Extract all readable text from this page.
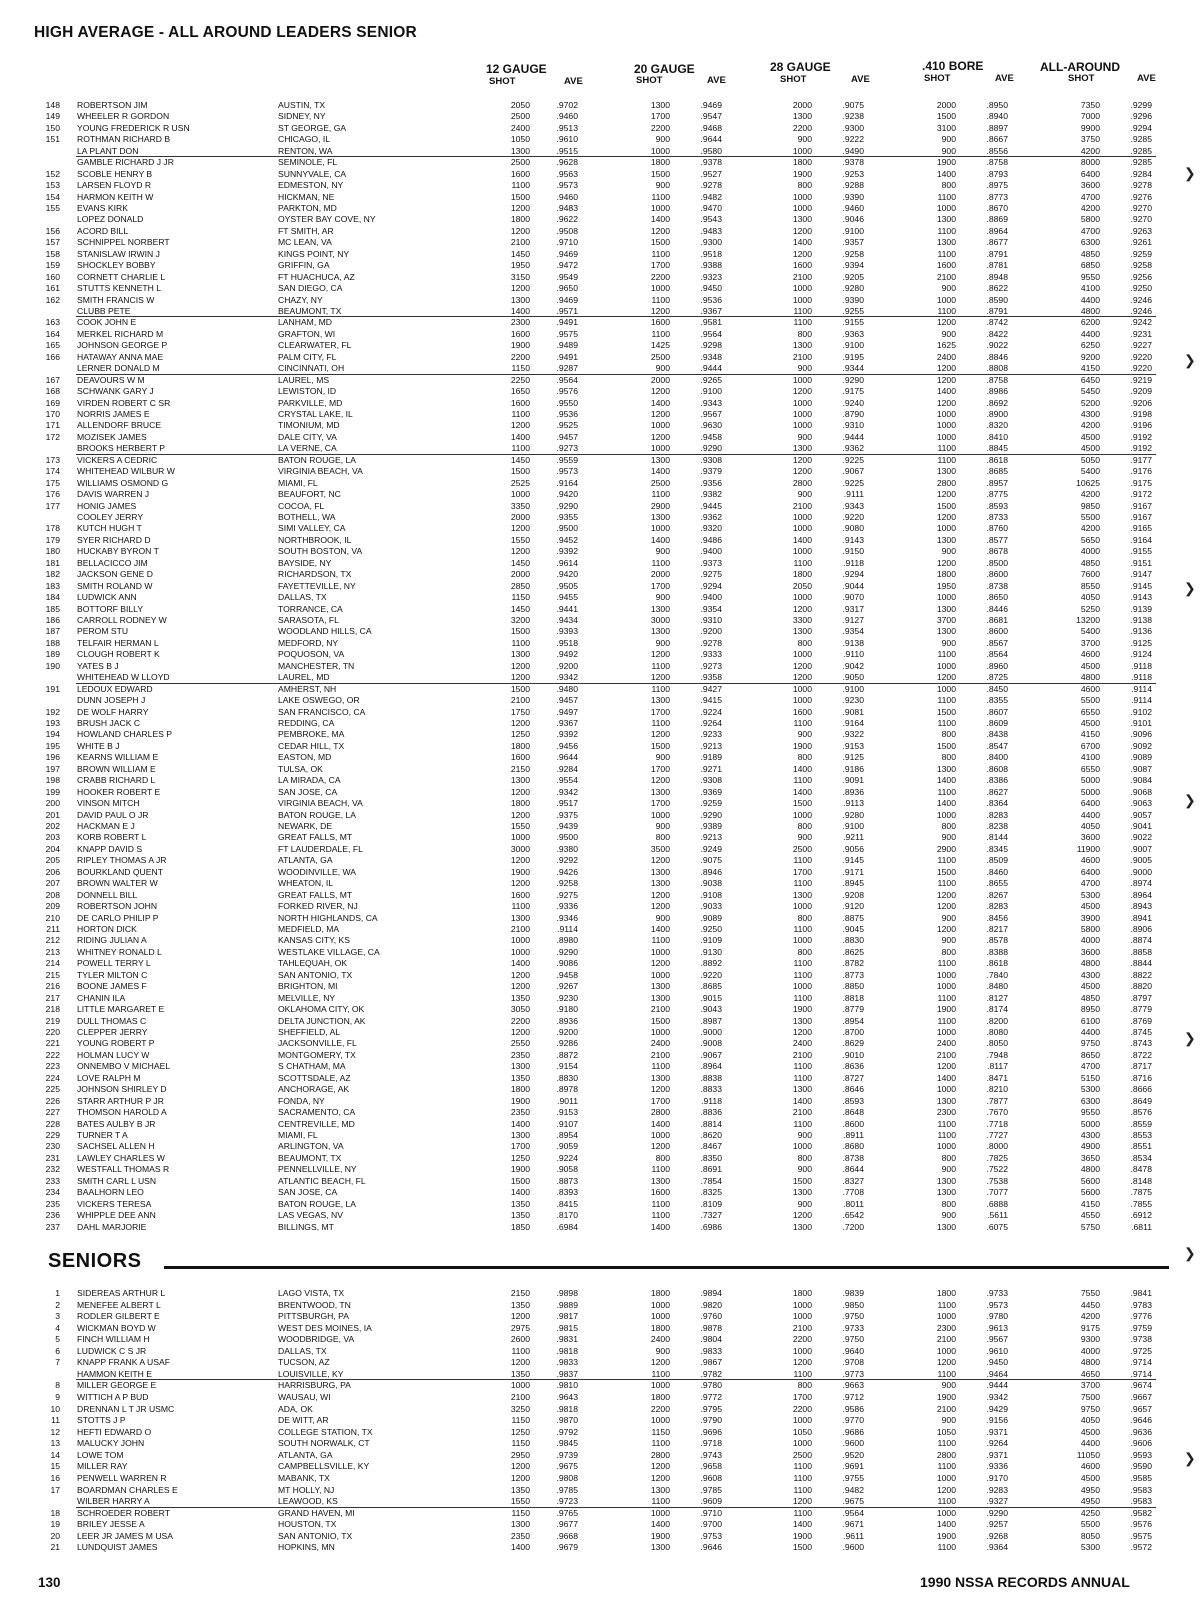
HIGH AVERAGE - ALL AROUND LEADERS SENIOR
12 GAUGE	20 GAUGE	28 GAUGE	.410 BORE	ALL-AROUND
SHOT	AVE	SHOT	AVE	SHOT	AVE	SHOT	AVE	SHOT	AVE
148 ROBERTSON JIM	AUSTIN, TX	2050	.9702	1300	.9469	2000	.9075	2000	.8950	7350	.9299
149 WHEELER R GORDON	SIDNEY, NY	2500	.9460	1700	.9547	1300	.9238	1500	.8940	7000	.9296
150 YOUNG FREDERICK R USN	ST GEORGE, GA	2400	.9513	2200	.9468	2200	.9300	3100	.8897	9900	.9294
151 ROTHMAN RICHARD B	CHICAGO, IL	1050	.9610	900	.9644	900	.9222	900	.8667	3750	.9285
LA PLANT DON	RENTON, WA	1300	.9515	1000	.9580	1000	.9490	900	.8556	4200	.9285
GAMBLE RICHARD J JR	SEMINOLE, FL	2500	.9628	1800	.9378	1800	.9378	1900	.8758	8000	.9285
152 SCOBLE HENRY B	SUNNYVALE, CA	1600	.9563	1500	.9527	1900	.9253	1400	.8793	6400	.9284
153 LARSEN FLOYD R	EDMESTON, NY	1100	.9573	900	.9278	800	.9288	800	.8975	3600	.9278
154 HARMON KEITH W	HICKMAN, NE	1500	.9460	1100	.9482	1000	.9390	1100	.8773	4700	.9276
155 EVANS KIRK	PARKTON, MD	1200	.9483	1000	.9470	1000	.9460	1000	.8670	4200	.9270
LOPEZ DONALD	OYSTER BAY COVE, NY	1800	.9622	1400	.9543	1300	.9046	1300	.8869	5800	.9270
156 ACORD BILL	FT SMITH, AR	1200	.9508	1200	.9483	1200	.9100	1100	.8964	4700	.9263
157 SCHNIPPEL NORBERT	MC LEAN, VA	2100	.9710	1500	.9300	1400	.9357	1300	.8677	6300	.9261
158 STANISLAW IRWIN J	KINGS POINT, NY	1450	.9469	1100	.9518	1200	.9258	1100	.8791	4850	.9259
159 SHOCKLEY BOBBY	GRIFFIN, GA	1950	.9472	1700	.9388	1600	.9394	1600	.8781	6850	.9258
160 CORNETT CHARLIE L	FT HUACHUCA, AZ	3150	.9549	2200	.9323	2100	.9205	2100	.8948	9550	.9256
161 STUTTS KENNETH L	SAN DIEGO, CA	1200	.9650	1000	.9450	1000	.9280	900	.8622	4100	.9250
162 SMITH FRANCIS W	CHAZY, NY	1300	.9469	1100	.9536	1000	.9390	1000	.8590	4400	.9246
CLUBB PETE	BEAUMONT, TX	1400	.9571	1200	.9367	1100	.9255	1100	.8791	4800	.9246
163 COOK JOHN E	LANHAM, MD	2300	.9491	1600	.9581	1100	.9155	1200	.8742	6200	.9242
164 MERKEL RICHARD M	GRAFTON, WI	1600	.9575	1100	.9564	800	.9363	900	.8422	4400	.9231
165 JOHNSON GEORGE P	CLEARWATER, FL	1900	.9489	1425	.9298	1300	.9100	1625	.9022	6250	.9227
166 HATAWAY ANNA MAE	PALM CITY, FL	2200	.9491	2500	.9348	2100	.9195	2400	.8846	9200	.9220
LERNER DONALD M	CINCINNATI, OH	1150	.9287	900	.9444	900	.9344	1200	.8808	4150	.9220
167 DEAVOURS W M	LAUREL, MS	2250	.9564	2000	.9265	1000	.9290	1200	.8758	6450	.9219
168 SCHWANK GARY J	LEWISTON, ID	1650	.9576	1200	.9100	1200	.9175	1400	.8986	5450	.9209
169 VIRDEN ROBERT C SR	PARKVILLE, MD	1600	.9550	1400	.9343	1000	.9240	1200	.8692	5200	.9206
170 NORRIS JAMES E	CRYSTAL LAKE, IL	1100	.9536	1200	.9567	1000	.8790	1000	.8900	4300	.9198
171 ALLENDORF BRUCE	TIMONIUM, MD	1200	.9525	1000	.9630	1000	.9310	1000	.8320	4200	.9196
172 MOZISEK JAMES	DALE CITY, VA	1400	.9457	1200	.9458	900	.9444	1000	.8410	4500	.9192
BROOKS HERBERT P	LA VERNE, CA	1100	.9273	1000	.9290	1300	.9362	1100	.8845	4500	.9192
173 VICKERS A CEDRIC	BATON ROUGE, LA	1450	.9559	1300	.9308	1200	.9225	1100	.8618	5050	.9177
174 WHITEHEAD WILBUR W	VIRGINIA BEACH, VA	1500	.9573	1400	.9379	1200	.9067	1300	.8685	5400	.9176
175 WILLIAMS OSMOND G	MIAMI, FL	2525	.9164	2500	.9356	2800	.9225	2800	.8957	10625	.9175
176 DAVIS WARREN J	BEAUFORT, NC	1000	.9420	1100	.9382	900	.9111	1200	.8775	4200	.9172
177 HONIG JAMES	COCOA, FL	3350	.9290	2900	.9445	2100	.9343	1500	.8593	9850	.9167
COOLEY JERRY	BOTHELL, WA	2000	.9355	1300	.9362	1000	.9220	1200	.8733	5500	.9167
178 KUTCH HUGH T	SIMI VALLEY, CA	1200	.9500	1000	.9320	1000	.9080	1000	.8760	4200	.9165
179 SYER RICHARD D	NORTHBROOK, IL	1550	.9452	1400	.9486	1400	.9143	1300	.8577	5650	.9164
180 HUCKABY BYRON T	SOUTH BOSTON, VA	1200	.9392	900	.9400	1000	.9150	900	.8678	4000	.9155
181 BELLACICCO JIM	BAYSIDE, NY	1450	.9614	1100	.9373	1100	.9118	1200	.8500	4850	.9151
182 JACKSON GENE D	RICHARDSON, TX	2000	.9420	2000	.9275	1800	.9294	1800	.8600	7600	.9147
183 SMITH ROLAND W	FAYETTEVILLE, NY	2850	.9505	1700	.9294	2050	.9044	1950	.8738	8550	.9145
184 LUDWICK ANN	DALLAS, TX	1150	.9455	900	.9400	1000	.9070	1000	.8650	4050	.9143
185 BOTTORF BILLY	TORRANCE, CA	1450	.9441	1300	.9354	1200	.9317	1300	.8446	5250	.9139
186 CARROLL RODNEY W	SARASOTA, FL	3200	.9434	3000	.9310	3300	.9127	3700	.8681	13200	.9138
187 PEROM STU	WOODLAND HILLS, CA	1500	.9393	1300	.9200	1300	.9354	1300	.8600	5400	.9136
188 TELFAIR HERMAN L	MEDFORD, NY	1100	.9518	900	.9278	800	.9138	900	.8567	3700	.9125
189 CLOUGH ROBERT K	POQUOSON, VA	1300	.9492	1200	.9333	1000	.9110	1100	.8564	4600	.9124
190 YATES B J	MANCHESTER, TN	1200	.9200	1100	.9273	1200	.9042	1000	.8960	4500	.9118
WHITEHEAD W LLOYD	LAUREL, MD	1200	.9342	1200	.9358	1200	.9050	1200	.8725	4800	.9118
191 LEDOUX EDWARD	AMHERST, NH	1500	.9480	1100	.9427	1000	.9100	1000	.8450	4600	.9114
DUNN JOSEPH J	LAKE OSWEGO, OR	2100	.9457	1300	.9415	1000	.9230	1100	.8355	5500	.9114
192 DE WOLF HARRY	SAN FRANCISCO, CA	1750	.9497	1700	.9224	1600	.9081	1500	.8607	6550	.9102
193 BRUSH JACK C	REDDING, CA	1200	.9367	1100	.9264	1100	.9164	1100	.8609	4500	.9101
194 HOWLAND CHARLES P	PEMBROKE, MA	1250	.9392	1200	.9233	900	.9322	800	.8438	4150	.9096
195 WHITE B J	CEDAR HILL, TX	1800	.9456	1500	.9213	1900	.9153	1500	.8547	6700	.9092
196 KEARNS WILLIAM E	EASTON, MD	1600	.9644	900	.9189	800	.9125	800	.8400	4100	.9089
197 BROWN WILLIAM E	TULSA, OK	2150	.9284	1700	.9271	1400	.9186	1300	.8608	6550	.9087
198 CRABB RICHARD L	LA MIRADA, CA	1300	.9554	1200	.9308	1100	.9091	1400	.8386	5000	.9084
199 HOOKER ROBERT E	SAN JOSE, CA	1200	.9342	1300	.9369	1400	.8936	1100	.8627	5000	.9068
200 VINSON MITCH	VIRGINIA BEACH, VA	1800	.9517	1700	.9259	1500	.9113	1400	.8364	6400	.9063
201 DAVID PAUL O JR	BATON ROUGE, LA	1200	.9375	1000	.9290	1000	.9280	1000	.8283	4400	.9057
202 HACKMAN E J	NEWARK, DE	1550	.9439	900	.9389	800	.9100	800	.8238	4050	.9041
203 KORB ROBERT L	GREAT FALLS, MT	1000	.9500	800	.9213	900	.9211	900	.8144	3600	.9022
204 KNAPP DAVID S	FT LAUDERDALE, FL	3000	.9380	3500	.9249	2500	.9056	2900	.8345	11900	.9007
205 RIPLEY THOMAS A JR	ATLANTA, GA	1200	.9292	1200	.9075	1100	.9145	1100	.8509	4600	.9005
206 BOURKLAND QUENT	WOODINVILLE, WA	1900	.9426	1300	.8946	1700	.9171	1500	.8460	6400	.9000
207 BROWN WALTER W	WHEATON, IL	1200	.9258	1300	.9038	1100	.8945	1100	.8655	4700	.8974
208 DONNELL BILL	GREAT FALLS, MT	1600	.9275	1200	.9108	1300	.9208	1200	.8267	5300	.8964
209 ROBERTSON JOHN	FORKED RIVER, NJ	1100	.9336	1200	.9033	1000	.9120	1200	.8283	4500	.8943
210 DE CARLO PHILIP P	NORTH HIGHLANDS, CA	1300	.9346	900	.9089	800	.8875	900	.8456	3900	.8941
211 HORTON DICK	MEDFIELD, MA	2100	.9114	1400	.9250	1100	.9045	1200	.8217	5800	.8906
212 RIDING JULIAN A	KANSAS CITY, KS	1000	.8980	1100	.9109	1000	.8830	900	.8578	4000	.8874
213 WHITNEY RONALD L	WESTLAKE VILLAGE, CA	1000	.9290	1000	.9130	800	.8625	800	.8388	3600	.8858
214 POWELL TERRY L	TAHLEQUAH, OK	1400	.9086	1200	.8892	1100	.8782	1100	.8618	4800	.8844
215 TYLER MILTON C	SAN ANTONIO, TX	1200	.9458	1000	.9220	1100	.8773	1000	.7840	4300	.8822
216 BOONE JAMES F	BRIGHTON, MI	1200	.9267	1300	.8685	1000	.8850	1000	.8480	4500	.8820
217 CHANIN ILA	MELVILLE, NY	1350	.9230	1300	.9015	1100	.8818	1100	.8127	4850	.8797
218 LITTLE MARGARET E	OKLAHOMA CITY, OK	3050	.9180	2100	.9043	1900	.8779	1900	.8174	8950	.8779
219 DULL THOMAS C	DELTA JUNCTION, AK	2200	.8936	1500	.8987	1300	.8954	1100	.8200	6100	.8769
220 CLEPPER JERRY	SHEFFIELD, AL	1200	.9200	1000	.9000	1200	.8700	1000	.8080	4400	.8745
221 YOUNG ROBERT P	JACKSONVILLE, FL	2550	.9286	2400	.9008	2400	.8629	2400	.8050	9750	.8743
222 HOLMAN LUCY W	MONTGOMERY, TX	2350	.8872	2100	.9067	2100	.9010	2100	.7948	8650	.8722
223 ONNEMBO V MICHAEL	S CHATHAM, MA	1300	.9154	1100	.8964	1100	.8636	1200	.8117	4700	.8717
224 LOVE RALPH M	SCOTTSDALE, AZ	1350	.8830	1300	.8838	1100	.8727	1400	.8471	5150	.8716
225 JOHNSON SHIRLEY D	ANCHORAGE, AK	1800	.8978	1200	.8833	1300	.8646	1000	.8210	5300	.8666
226 STARR ARTHUR P JR	FONDA, NY	1900	.9011	1700	.9118	1400	.8593	1300	.7877	6300	.8649
227 THOMSON HAROLD A	SACRAMENTO, CA	2350	.9153	2800	.8836	2100	.8648	2300	.7670	9550	.8576
228 BATES AULBY B JR	CENTREVILLE, MD	1400	.9107	1400	.8814	1100	.8600	1100	.7718	5000	.8559
229 TURNER T A	MIAMI, FL	1300	.8954	1000	.8620	900	.8911	1100	.7727	4300	.8553
230 SACHSEL ALLEN H	ARLINGTON, VA	1700	.9059	1200	.8467	1000	.8680	1000	.8000	4900	.8551
231 LAWLEY CHARLES W	BEAUMONT, TX	1250	.9224	800	.8350	800	.8738	800	.7825	3650	.8534
232 WESTFALL THOMAS R	PENNELLVILLE, NY	1900	.9058	1100	.8691	900	.8644	900	.7522	4800	.8478
233 SMITH CARL L USN	ATLANTIC BEACH, FL	1500	.8873	1300	.7854	1500	.8327	1300	.7538	5600	.8148
234 BAALHORN LEO	SAN JOSE, CA	1400	.8393	1600	.8325	1300	.7708	1300	.7077	5600	.7875
235 VICKERS TERESA	BATON ROUGE, LA	1350	.8415	1100	.8109	900	.8011	800	.6888	4150	.7855
236 WHIPPLE DEE ANN	LAS VEGAS, NV	1350	.8170	1100	.7327	1200	.6542	900	.5611	4550	.6912
237 DAHL MARJORIE	BILLINGS, MT	1850	.6984	1400	.6986	1300	.7200	1300	.6075	5750	.6811
SENIORS
1 SIDEREAS ARTHUR L	LAGO VISTA, TX	2150	.9898	1800	.9894	1800	.9839	1800	.9733	7550	.9841
2 MENEFEE ALBERT L	BRENTWOOD, TN	1350	.9889	1000	.9820	1000	.9850	1100	.9573	4450	.9783
3 RODLER GILBERT E	PITTSBURGH, PA	1200	.9817	1000	.9760	1000	.9750	1000	.9780	4200	.9776
4 WICKMAN BOYD W	WEST DES MOINES, IA	2975	.9815	1800	.9878	2100	.9733	2300	.9613	9175	.9759
5 FINCH WILLIAM H	WOODBRIDGE, VA	2600	.9831	2400	.9804	2200	.9750	2100	.9567	9300	.9738
6 LUDWICK C S JR	DALLAS, TX	1100	.9818	900	.9833	1000	.9640	1000	.9610	4000	.9725
7 KNAPP FRANK A USAF	TUCSON, AZ	1200	.9833	1200	.9867	1200	.9708	1200	.9450	4800	.9714
HAMMON KEITH E	LOUISVILLE, KY	1350	.9837	1100	.9782	1100	.9773	1100	.9464	4650	.9714
8 MILLER GEORGE E	HARRISBURG, PA	1000	.9810	1000	.9780	800	.9663	900	.9444	3700	.9674
9 WITTICH A P BUD	WAUSAU, WI	2100	.9643	1800	.9772	1700	.9712	1900	.9342	7500	.9667
10 DRENNAN L T JR USMC	ADA, OK	3250	.9818	2200	.9795	2200	.9586	2100	.9429	9750	.9657
11 STOTTS J P	DE WITT, AR	1150	.9870	1000	.9790	1000	.9770	900	.9156	4050	.9646
12 HEFTI EDWARD O	COLLEGE STATION, TX	1250	.9792	1150	.9696	1050	.9686	1050	.9371	4500	.9636
13 MALUCKY JOHN	SOUTH NORWALK, CT	1150	.9845	1100	.9718	1000	.9600	1100	.9264	4400	.9606
14 LOWE TOM	ATLANTA, GA	2950	.9739	2800	.9743	2500	.9520	2800	.9371	11050	.9593
15 MILLER RAY	CAMPBELLSVILLE, KY	1200	.9675	1200	.9658	1100	.9691	1100	.9336	4600	.9590
16 PENWELL WARREN R	MABANK, TX	1200	.9808	1200	.9608	1100	.9755	1000	.9170	4500	.9585
17 BOARDMAN CHARLES E	MT HOLLY, NJ	1350	.9785	1300	.9785	1100	.9482	1200	.9283	4950	.9583
WILBER HARRY A	LEAWOOD, KS	1550	.9723	1100	.9609	1200	.9675	1100	.9327	4950	.9583
18 SCHROEDER ROBERT	GRAND HAVEN, MI	1150	.9765	1000	.9710	1100	.9564	1000	.9290	4250	.9582
19 BRILEY JESSE A	HOUSTON, TX	1300	.9677	1400	.9700	1400	.9671	1400	.9257	5500	.9576
20 LEER JR JAMES M USA	SAN ANTONIO, TX	2350	.9668	1900	.9753	1900	.9611	1900	.9268	8050	.9575
21 LUNDQUIST JAMES	HOPKINS, MN	1400	.9679	1300	.9646	1500	.9600	1100	.9364	5300	.9572
❯
❯
❯
❯
❯
❯
❯
130	1990 NSSA RECORDS ANNUAL
